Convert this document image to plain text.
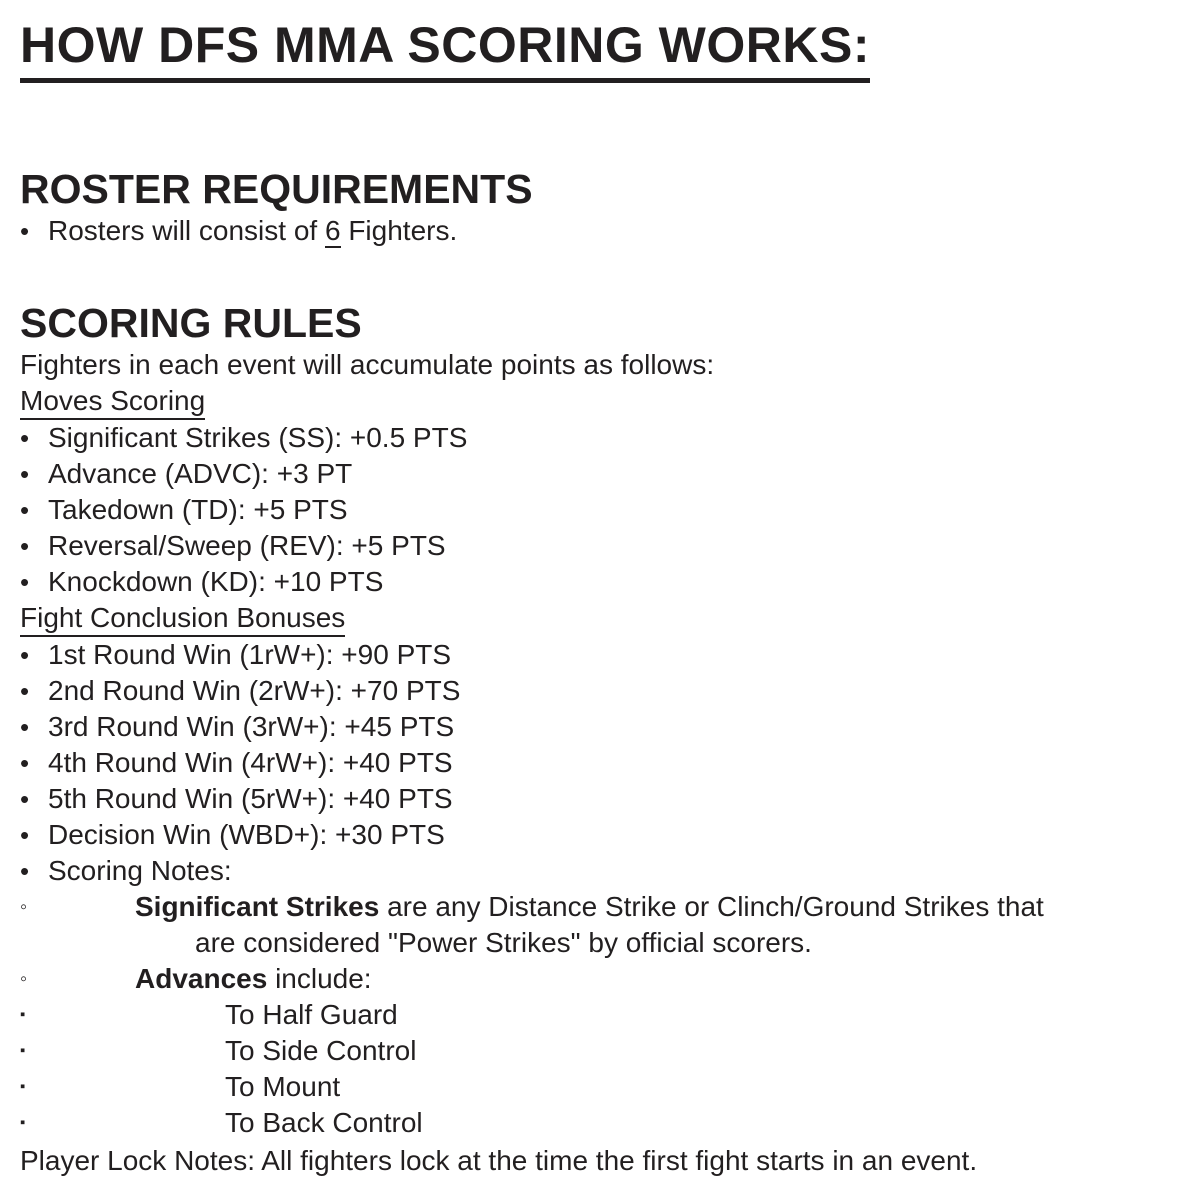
HOW DFS MMA SCORING WORKS:
ROSTER REQUIREMENTS
• Rosters will consist of 6 Fighters.
SCORING RULES
Fighters in each event will accumulate points as follows:
Moves Scoring
• Significant Strikes (SS): +0.5 PTS
• Advance (ADVC): +3 PT
• Takedown (TD): +5 PTS
• Reversal/Sweep (REV): +5 PTS
• Knockdown (KD): +10 PTS
Fight Conclusion Bonuses
• 1st Round Win (1rW+): +90 PTS
• 2nd Round Win (2rW+): +70 PTS
• 3rd Round Win (3rW+): +45 PTS
• 4th Round Win (4rW+): +40 PTS
• 5th Round Win (5rW+): +40 PTS
• Decision Win (WBD+): +30 PTS
• Scoring Notes:
◦	Significant Strikes are any Distance Strike or Clinch/Ground Strikes that
are considered "Power Strikes" by official scorers.
◦	Advances include:
▪	To Half Guard
▪	To Side Control
▪	To Mount
▪	To Back Control
Player Lock Notes: All fighters lock at the time the first fight starts in an event.
